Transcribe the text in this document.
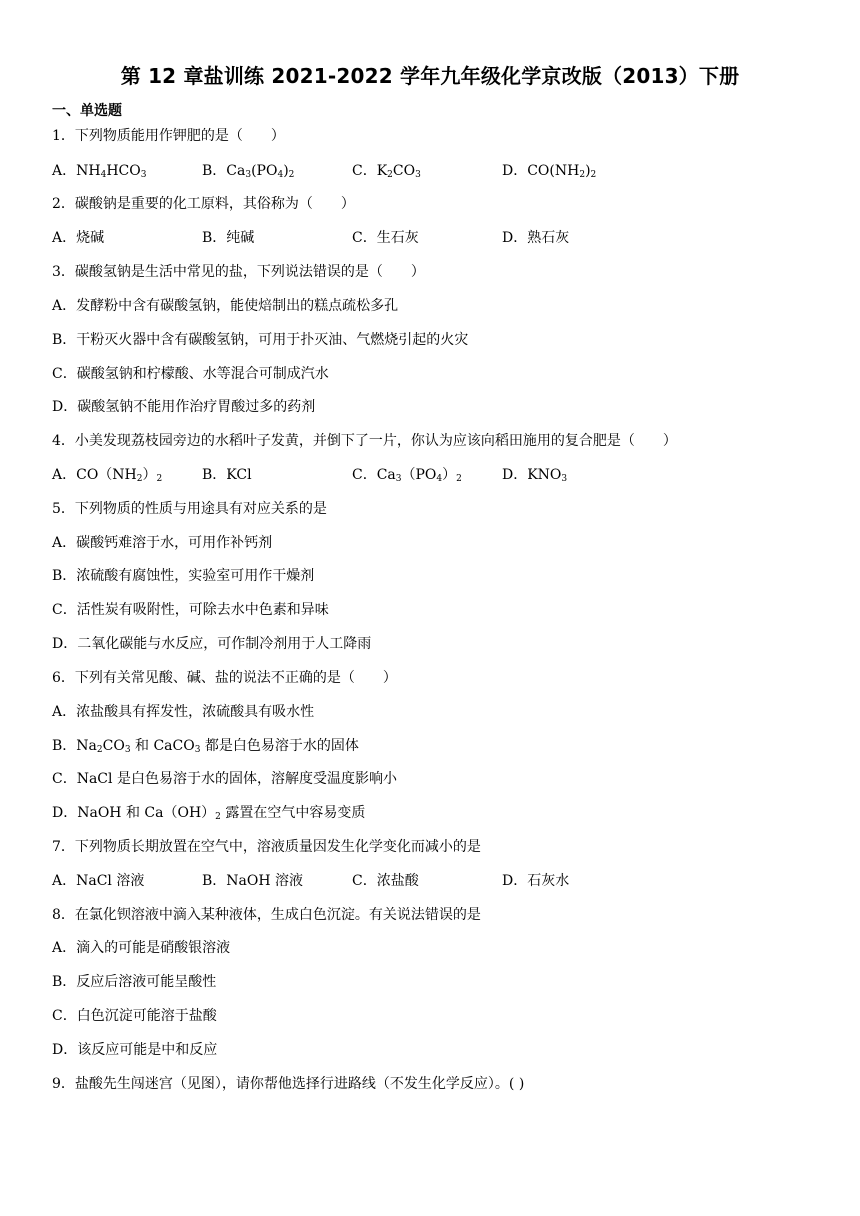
第 12 章盐训练 2021-2022 学年九年级化学京改版（2013）下册
一、单选题
1．下列物质能用作钾肥的是（　　）
A．$NH_4HCO_3$	B．$Ca_3(PO_4)_2$	C．$K_2CO_3$	D．$CO(NH_2)_2$
2．碳酸钠是重要的化工原料，其俗称为（　　）
A．烧碱	B．纯碱	C．生石灰	D．熟石灰
3．碳酸氢钠是生活中常见的盐，下列说法错误的是（　　）
A．发酵粉中含有碳酸氢钠，能使焙制出的糕点疏松多孔
B．干粉灭火器中含有碳酸氢钠，可用于扑灭油、气燃烧引起的火灾
C．碳酸氢钠和柠檬酸、水等混合可制成汽水
D．碳酸氢钠不能用作治疗胃酸过多的药剂
4．小美发现荔枝园旁边的水稻叶子发黄，并倒下了一片，你认为应该向稻田施用的复合肥是（　　）
A．$CO(NH_2)_2$	B．KCl	C．$Ca_3(PO_4)_2$	D．$KNO_3$
5．下列物质的性质与用途具有对应关系的是
A．碳酸钙难溶于水，可用作补钙剂
B．浓硫酸有腐蚀性，实验室可用作干燥剂
C．活性炭有吸附性，可除去水中色素和异味
D．二氧化碳能与水反应，可作制冷剂用于人工降雨
6．下列有关常见酸、碱、盐的说法不正确的是（　　）
A．浓盐酸具有挥发性，浓硫酸具有吸水性
B．$Na_2CO_3$ 和 CaCO$_3$ 都是白色易溶于水的固体
C．NaCl 是白色易溶于水的固体，溶解度受温度影响小
D．NaOH 和 $Ca(OH)_2$ 露置在空气中容易变质
7．下列物质长期放置在空气中，溶液质量因发生化学变化而减小的是
A．NaCl 溶液	B．NaOH 溶液	C．浓盐酸	D．石灰水
8．在氯化钡溶液中滴入某种液体，生成白色沉淀。有关说法错误的是
A．滴入的可能是硝酸银溶液
B．反应后溶液可能呈酸性
C．白色沉淀可能溶于盐酸
D．该反应可能是中和反应
9．盐酸先生闯迷宫（见图），请你帮他选择行进路线（不发生化学反应）。( )
